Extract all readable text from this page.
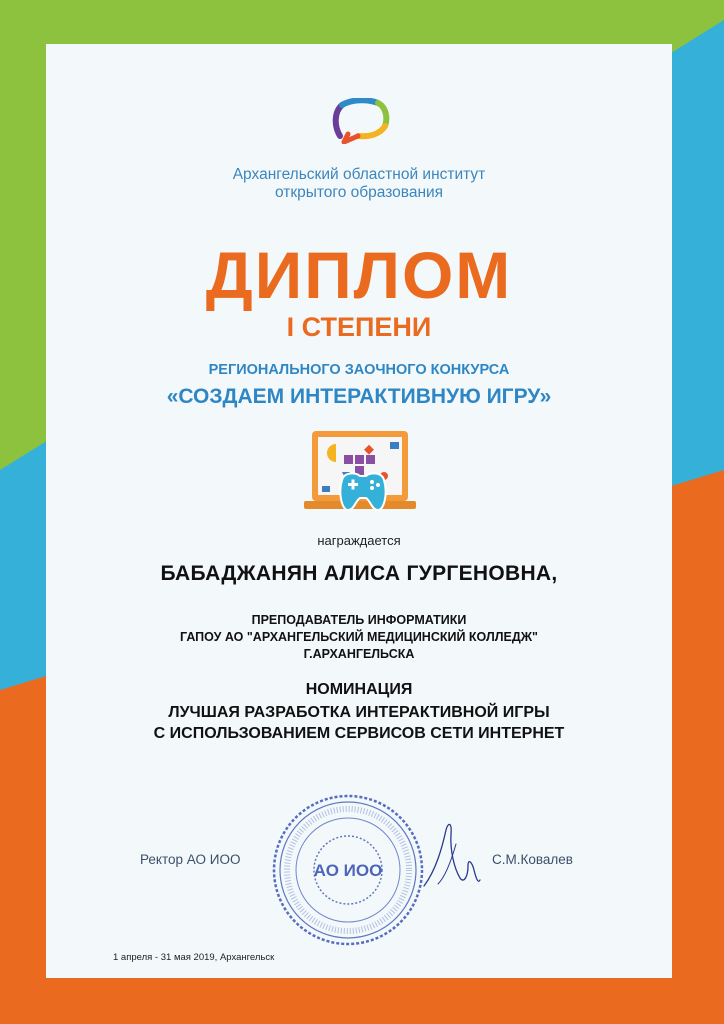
Архангельский областной институт
открытого образования
ДИПЛОМ
I СТЕПЕНИ
РЕГИОНАЛЬНОГО ЗАОЧНОГО КОНКУРСА
«СОЗДАЕМ ИНТЕРАКТИВНУЮ ИГРУ»
награждается
БАБАДЖАНЯН АЛИСА ГУРГЕНОВНА,
ПРЕПОДАВАТЕЛЬ ИНФОРМАТИКИ
ГАПОУ АО "АРХАНГЕЛЬСКИЙ МЕДИЦИНСКИЙ КОЛЛЕДЖ"
Г.АРХАНГЕЛЬСКА
НОМИНАЦИЯ
ЛУЧШАЯ РАЗРАБОТКА ИНТЕРАКТИВНОЙ ИГРЫ
С ИСПОЛЬЗОВАНИЕМ СЕРВИСОВ СЕТИ ИНТЕРНЕТ
АО ИОО
Ректор АО ИОО	С.М.Ковалев
1 апреля - 31 мая 2019, Архангельск
